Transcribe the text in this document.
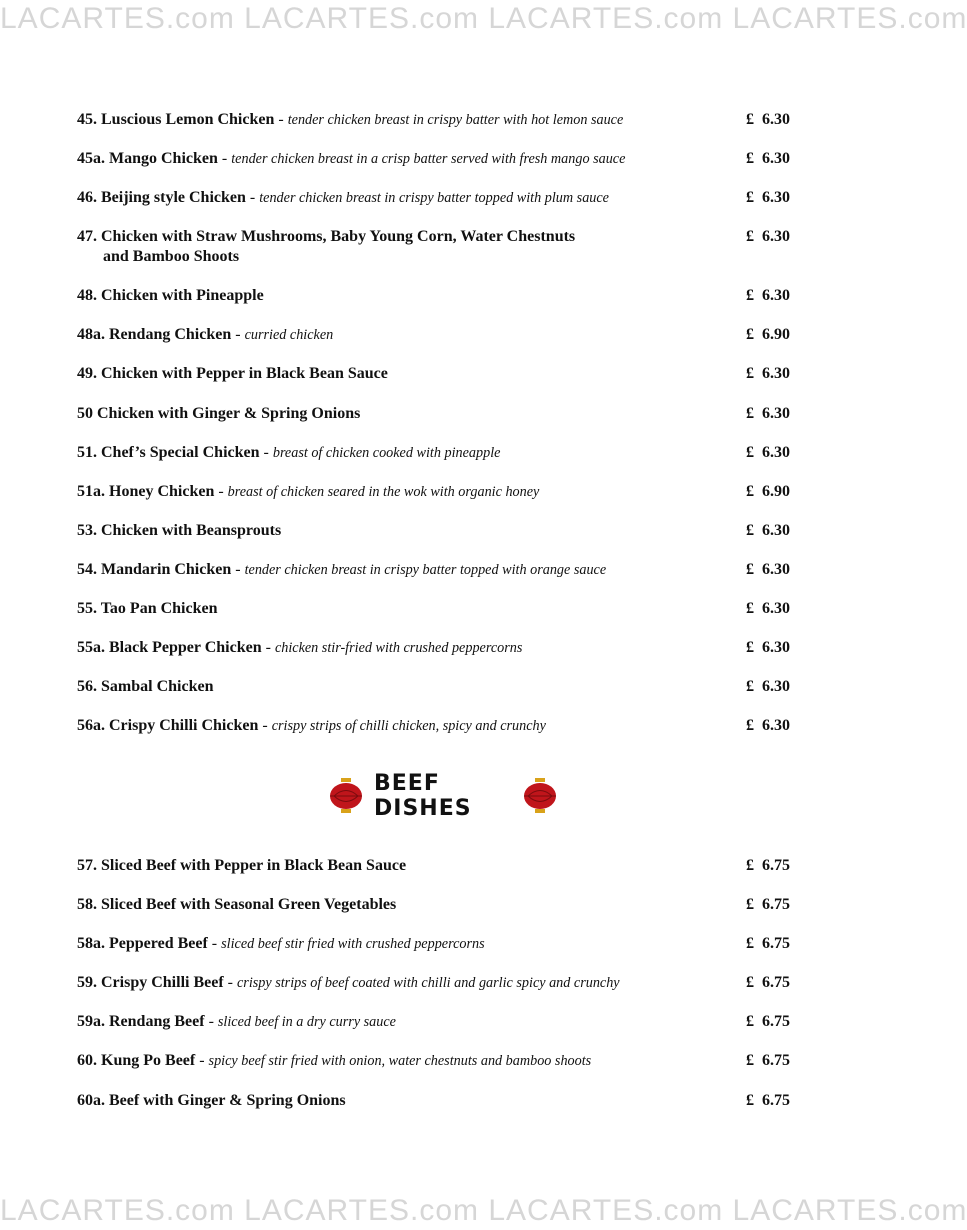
LACARTES.com LACARTES.com LACARTES.com LACARTES.com
45. Luscious Lemon Chicken - tender chicken breast in crispy batter with hot lemon sauce	£ 6.30
45a. Mango Chicken - tender chicken breast in a crisp batter served with fresh mango sauce	£ 6.30
46. Beijing style Chicken - tender chicken breast in crispy batter topped with plum sauce	£ 6.30
47. Chicken with Straw Mushrooms, Baby Young Corn, Water Chestnuts
and Bamboo Shoots
£ 6.30
48. Chicken with Pineapple	£ 6.30
48a. Rendang Chicken - curried chicken	£ 6.90
49. Chicken with Pepper in Black Bean Sauce	£ 6.30
50 Chicken with Ginger & Spring Onions	£ 6.30
51. Chef’s Special Chicken - breast of chicken cooked with pineapple	£ 6.30
51a. Honey Chicken - breast of chicken seared in the wok with organic honey	£ 6.90
53. Chicken with Beansprouts	£ 6.30
54. Mandarin Chicken - tender chicken breast in crispy batter topped with orange sauce	£ 6.30
55. Tao Pan Chicken	£ 6.30
55a. Black Pepper Chicken - chicken stir-fried with crushed peppercorns	£ 6.30
56. Sambal Chicken	£ 6.30
56a. Crispy Chilli Chicken - crispy strips of chilli chicken, spicy and crunchy	£ 6.30
BEEF DISHES
57. Sliced Beef with Pepper in Black Bean Sauce	£ 6.75
58. Sliced Beef with Seasonal Green Vegetables	£ 6.75
58a. Peppered Beef - sliced beef stir fried with crushed peppercorns	£ 6.75
59. Crispy Chilli Beef - crispy strips of beef coated with chilli and garlic spicy and crunchy	£ 6.75
59a. Rendang Beef - sliced beef in a dry curry sauce	£ 6.75
60. Kung Po Beef - spicy beef stir fried with onion, water chestnuts and bamboo shoots	£ 6.75
60a. Beef with Ginger & Spring Onions	£ 6.75
LACARTES.com LACARTES.com LACARTES.com LACARTES.com
